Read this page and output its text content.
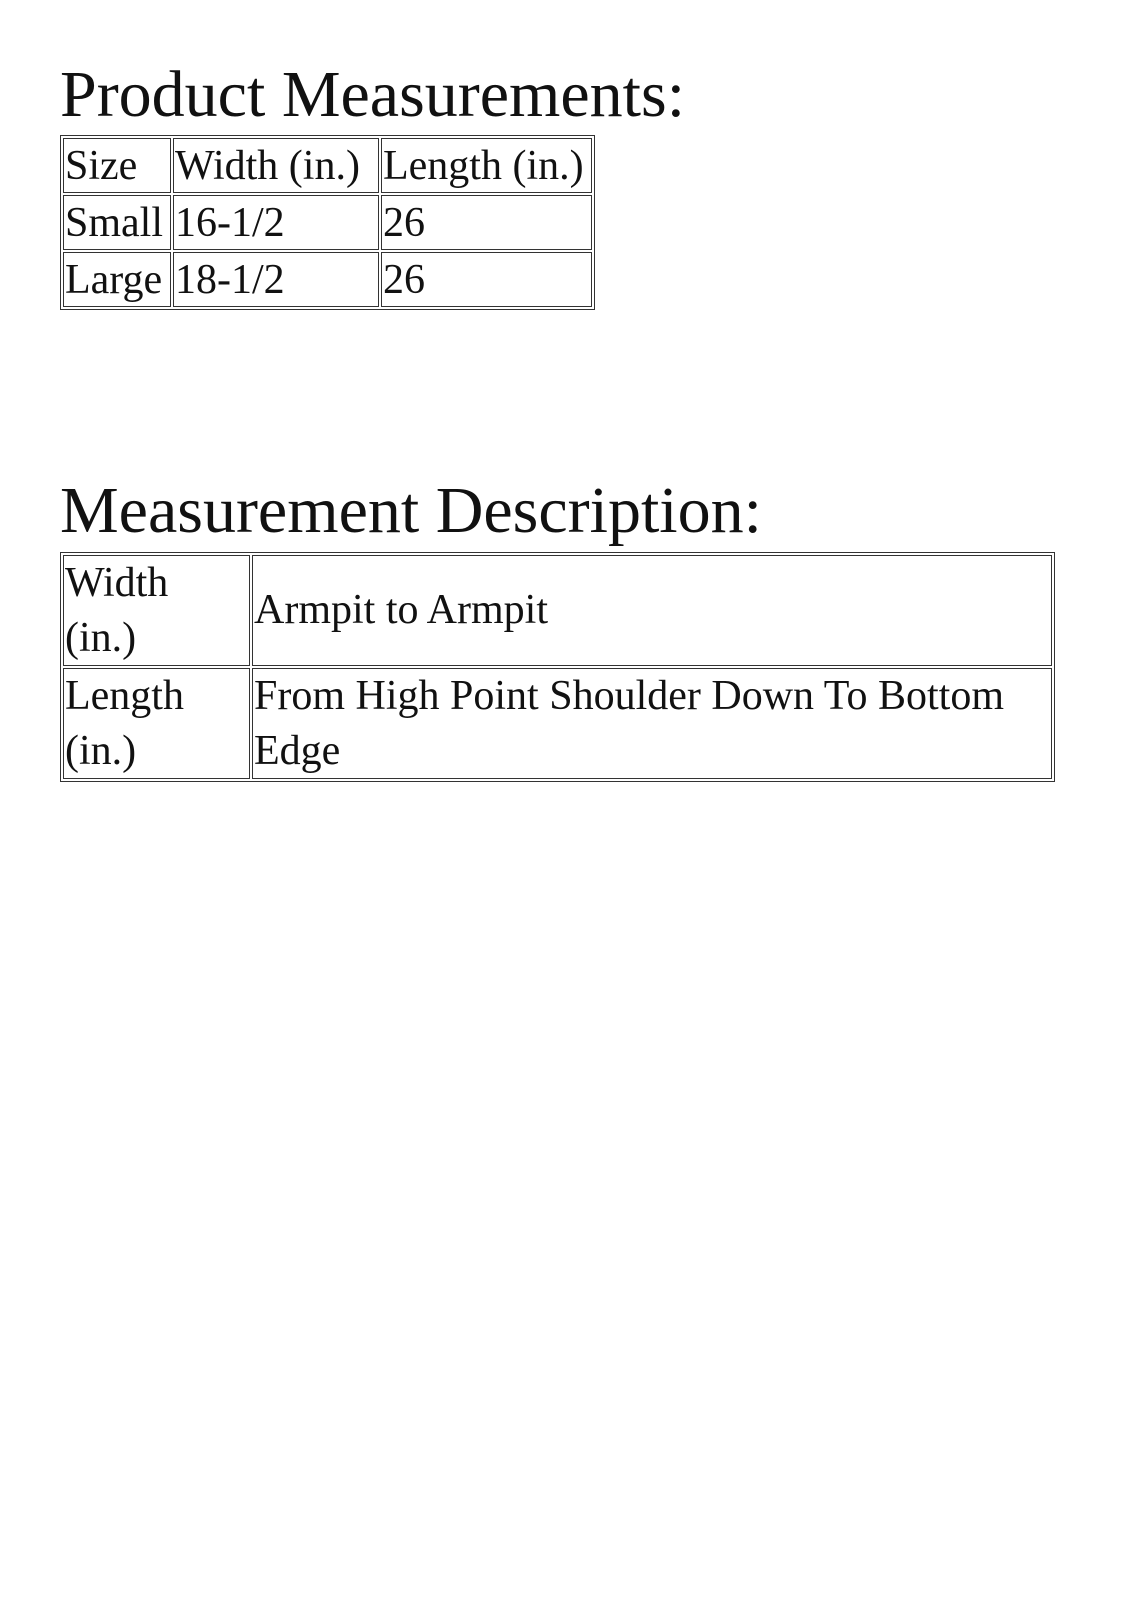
Product Measurements:
Size	Width (in.)	Length (in.)
Small	16-1/2	26
Large	18-1/2	26
Measurement Description:
Width (in.)	Armpit to Armpit
Length (in.)	From High Point Shoulder Down To Bottom Edge
